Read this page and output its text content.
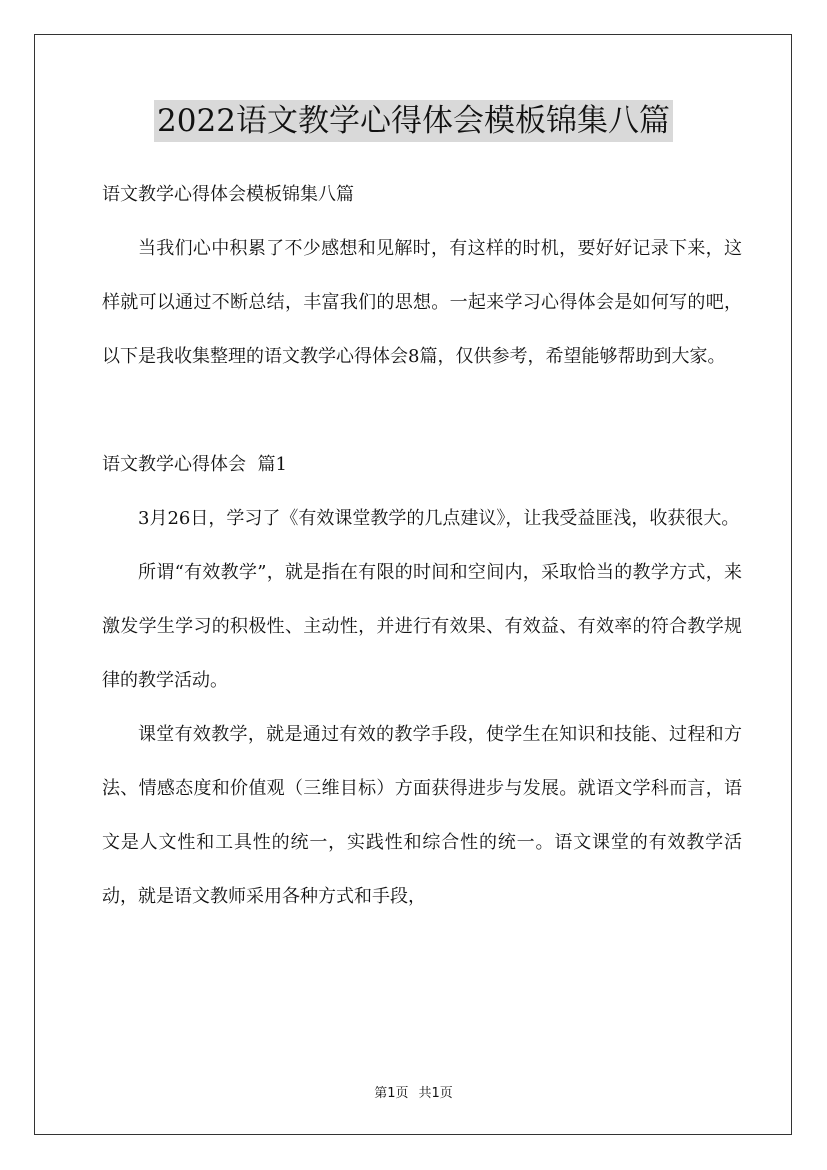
2022语文教学心得体会模板锦集八篇

语文教学心得体会模板锦集八篇

当我们心中积累了不少感想和见解时，有这样的时机，要好好记录下来，这样就可以通过不断总结，丰富我们的思想。一起来学习心得体会是如何写的吧，以下是我收集整理的语文教学心得体会8篇，仅供参考，希望能够帮助到大家。

语文教学心得体会  篇1

3月26日，学习了《有效课堂教学的几点建议》，让我受益匪浅，收获很大。

所谓“有效教学”，就是指在有限的时间和空间内，采取恰当的教学方式，来激发学生学习的积极性、主动性，并进行有效果、有效益、有效率的符合教学规律的教学活动。

课堂有效教学，就是通过有效的教学手段，使学生在知识和技能、过程和方法、情感态度和价值观（三维目标）方面获得进步与发展。就语文学科而言，语文是人文性和工具性的统一，实践性和综合性的统一。语文课堂的有效教学活动，就是语文教师采用各种方式和手段，

第1页 共1页
